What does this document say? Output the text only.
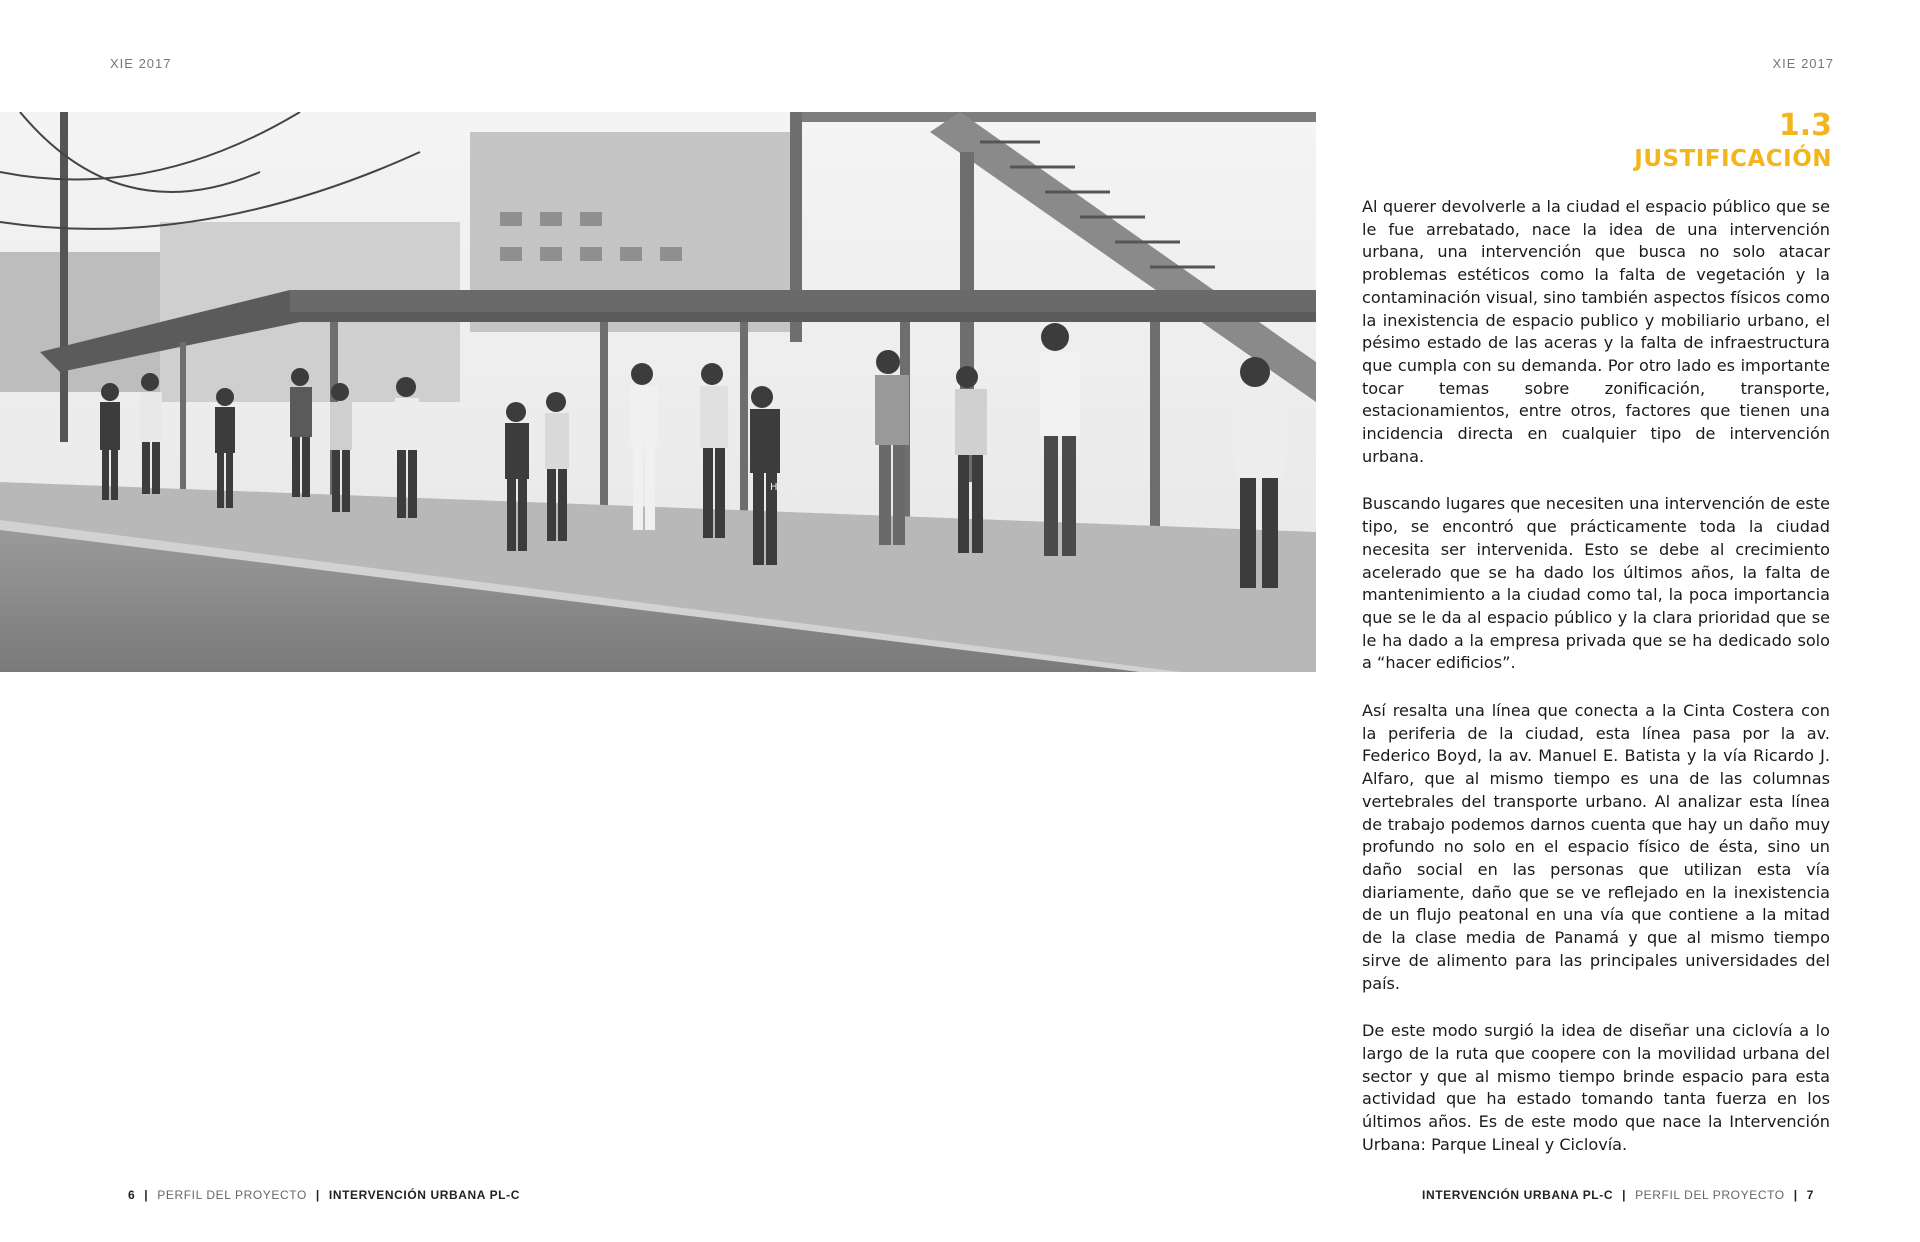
XIE 2017	XIE 2017
Hurley
1.3
JUSTIFICACIÓN

Al querer devolverle a la ciudad el espacio público que se le fue arrebatado, nace la idea de una intervención urbana, una intervención que busca no solo atacar problemas estéticos como la falta de vegetación y la contaminación visual, sino también aspectos físicos como la inexistencia de espacio publico y mobiliario urbano, el pésimo estado de las aceras y la falta de infraestructura que cumpla con su demanda. Por otro lado es importante tocar temas sobre zonificación, transporte, estacionamientos, entre otros, factores que tienen una incidencia directa en cualquier tipo de intervención urbana.

Buscando lugares que necesiten una intervención de este tipo, se encontró que prácticamente toda la ciudad necesita ser intervenida. Esto se debe al crecimiento acelerado que se ha dado los últimos años, la falta de mantenimiento a la ciudad como tal, la poca importancia que se le da al espacio público y la clara prioridad que se le ha dado a la empresa privada que se ha dedicado solo a “hacer edificios”.

Así resalta una línea que conecta a la Cinta Costera con la periferia de la ciudad, esta línea pasa por la av. Federico Boyd, la av. Manuel E. Batista y la vía Ricardo J. Alfaro, que al mismo tiempo es una de las columnas vertebrales del transporte urbano. Al analizar esta línea de trabajo podemos darnos cuenta que hay un daño muy profundo no solo en el espacio físico de ésta, sino un daño social en las personas que utilizan esta vía diariamente, daño que se ve reflejado en la inexistencia de un flujo peatonal en una vía que contiene a la mitad de la clase media de Panamá y que al mismo tiempo sirve de alimento para las principales universidades del país.

De este modo surgió la idea de diseñar una ciclovía a lo largo de la ruta que coopere con la movilidad urbana del sector y que al mismo tiempo brinde espacio para esta actividad que ha estado tomando tanta fuerza en los últimos años. Es de este modo que nace la Intervención Urbana: Parque Lineal y Ciclovía.

6 | PERFIL DEL PROYECTO | INTERVENCIÓN URBANA PL-C	INTERVENCIÓN URBANA PL-C | PERFIL DEL PROYECTO | 7
